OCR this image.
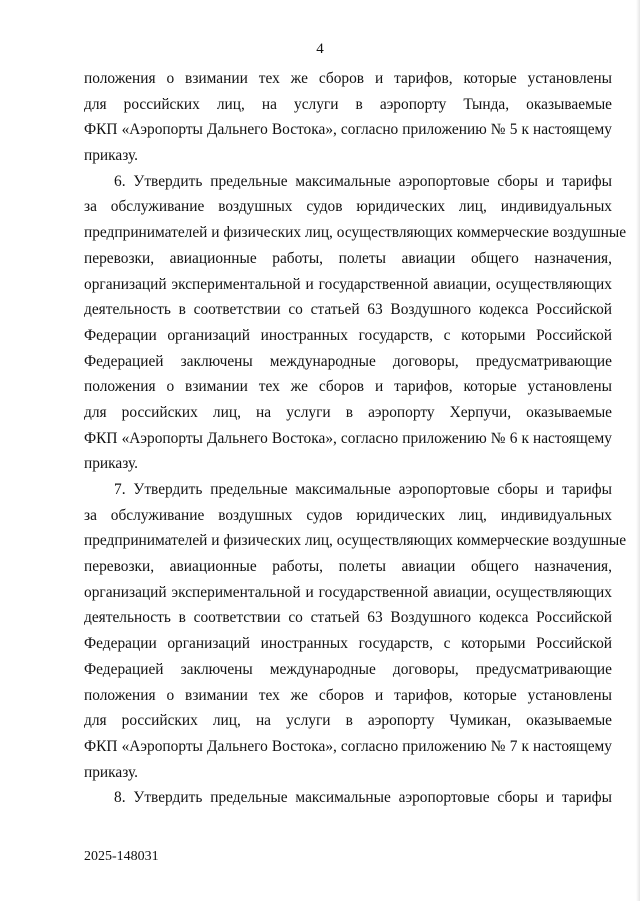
4
положения о взимании тех же сборов и тарифов, которые установлены
для российских лиц, на услуги в аэропорту Тында, оказываемые
ФКП «Аэропорты Дальнего Востока», согласно приложению № 5 к настоящему
приказу.
6. Утвердить предельные максимальные аэропортовые сборы и тарифы
за обслуживание воздушных судов юридических лиц, индивидуальных
предпринимателей и физических лиц, осуществляющих коммерческие воздушные
перевозки, авиационные работы, полеты авиации общего назначения,
организаций экспериментальной и государственной авиации, осуществляющих
деятельность в соответствии со статьей 63 Воздушного кодекса Российской
Федерации организаций иностранных государств, с которыми Российской
Федерацией заключены международные договоры, предусматривающие
положения о взимании тех же сборов и тарифов, которые установлены
для российских лиц, на услуги в аэропорту Херпучи, оказываемые
ФКП «Аэропорты Дальнего Востока», согласно приложению № 6 к настоящему
приказу.
7. Утвердить предельные максимальные аэропортовые сборы и тарифы
за обслуживание воздушных судов юридических лиц, индивидуальных
предпринимателей и физических лиц, осуществляющих коммерческие воздушные
перевозки, авиационные работы, полеты авиации общего назначения,
организаций экспериментальной и государственной авиации, осуществляющих
деятельность в соответствии со статьей 63 Воздушного кодекса Российской
Федерации организаций иностранных государств, с которыми Российской
Федерацией заключены международные договоры, предусматривающие
положения о взимании тех же сборов и тарифов, которые установлены
для российских лиц, на услуги в аэропорту Чумикан, оказываемые
ФКП «Аэропорты Дальнего Востока», согласно приложению № 7 к настоящему
приказу.
8. Утвердить предельные максимальные аэропортовые сборы и тарифы
2025-148031
